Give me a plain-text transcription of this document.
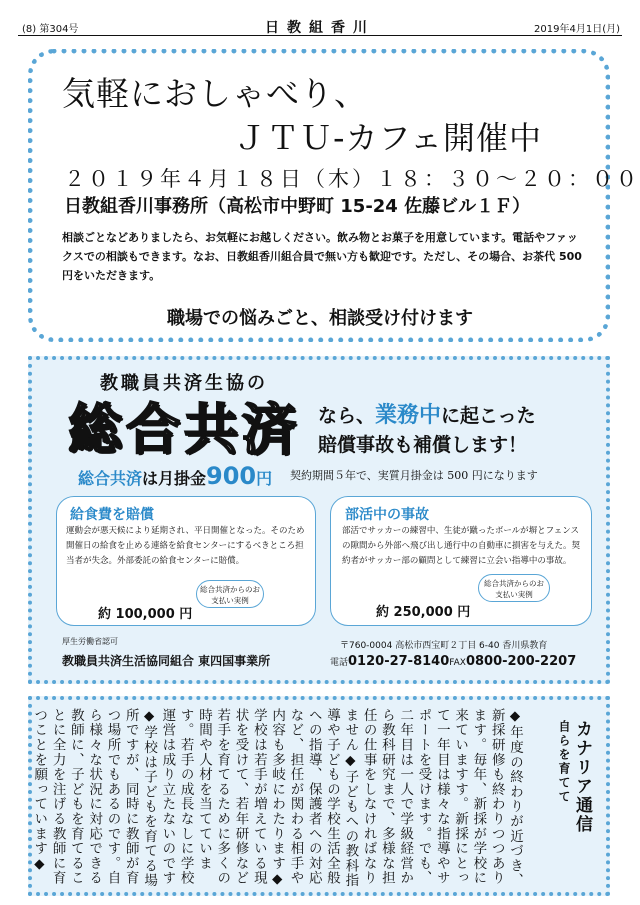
(8) 第304号	日教組香川	2019年4月1日(月)
気軽におしゃべり、
ＪＴＵ-カフェ開催中
２０１９年４月１８日（木）１８：３０～２０：００
日教組香川事務所（高松市中野町 15-24 佐藤ビル１Ｆ）
相談ごとなどありましたら、お気軽にお越しください。飲み物とお菓子を用意しています。電話やファックスでの相談もできます。なお、日教組香川組合員で無い方も歓迎です。ただし、その場合、お茶代 500 円をいただきます。
職場での悩みごと、相談受け付けます
教職員共済生協の
総合共済 なら、業務中に起こった
賠償事故も補償します！
総合共済は月掛金900円 契約期間５年で、実質月掛金は 500 円になります
給食費を賠償
運動会が悪天候により延期され、平日開催となった。そのため開催日の給食を止める連絡を給食センターにするべきところ担当者が失念。外部委託の給食センターに賠償。
総合共済からのお支払い実例
約 100,000 円
部活中の事故
部活でサッカーの練習中、生徒が蹴ったボールが塀とフェンスの隙間から外部へ飛び出し通行中の自動車に損害を与えた。契約者がサッカー部の顧問として練習に立会い指導中の事故。
総合共済からのお支払い実例
約 250,000 円
厚生労働省認可
教職員共済生活協同組合 東四国事業所
〒760-0004 高松市西宝町２丁目 6-40 香川県教育
電話0120-27-8140FAX0800-200-2207
◆年度の終わりが近づき、新採研修も終わりつつあります。毎年、新採が学校に来ていますす。新採にとって一年目は様々な指導やサポートを受けます。でも、二年目は一人で学級経営から教科研究まで、多様な担任の仕事をしなければなりません◆子どもへの教科指導や子どもの学校生活全般への指導、保護者への対応など、担任が関わる相手や内容も多岐にわたります◆学校は若手が増えている現状を受けて、若年研修など若手を育てるために多くの時間や人材を当てています。若手の成長なしに学校運営は成り立たないのです◆学校は子どもを育てる場所ですが、同時に教師が育つ場所でもあるのです。自ら様々な状況に対応できる教師に、子どもを育てることに全力を注げる教師に育つことを願っています◆	自らを育てて カナリア通信
